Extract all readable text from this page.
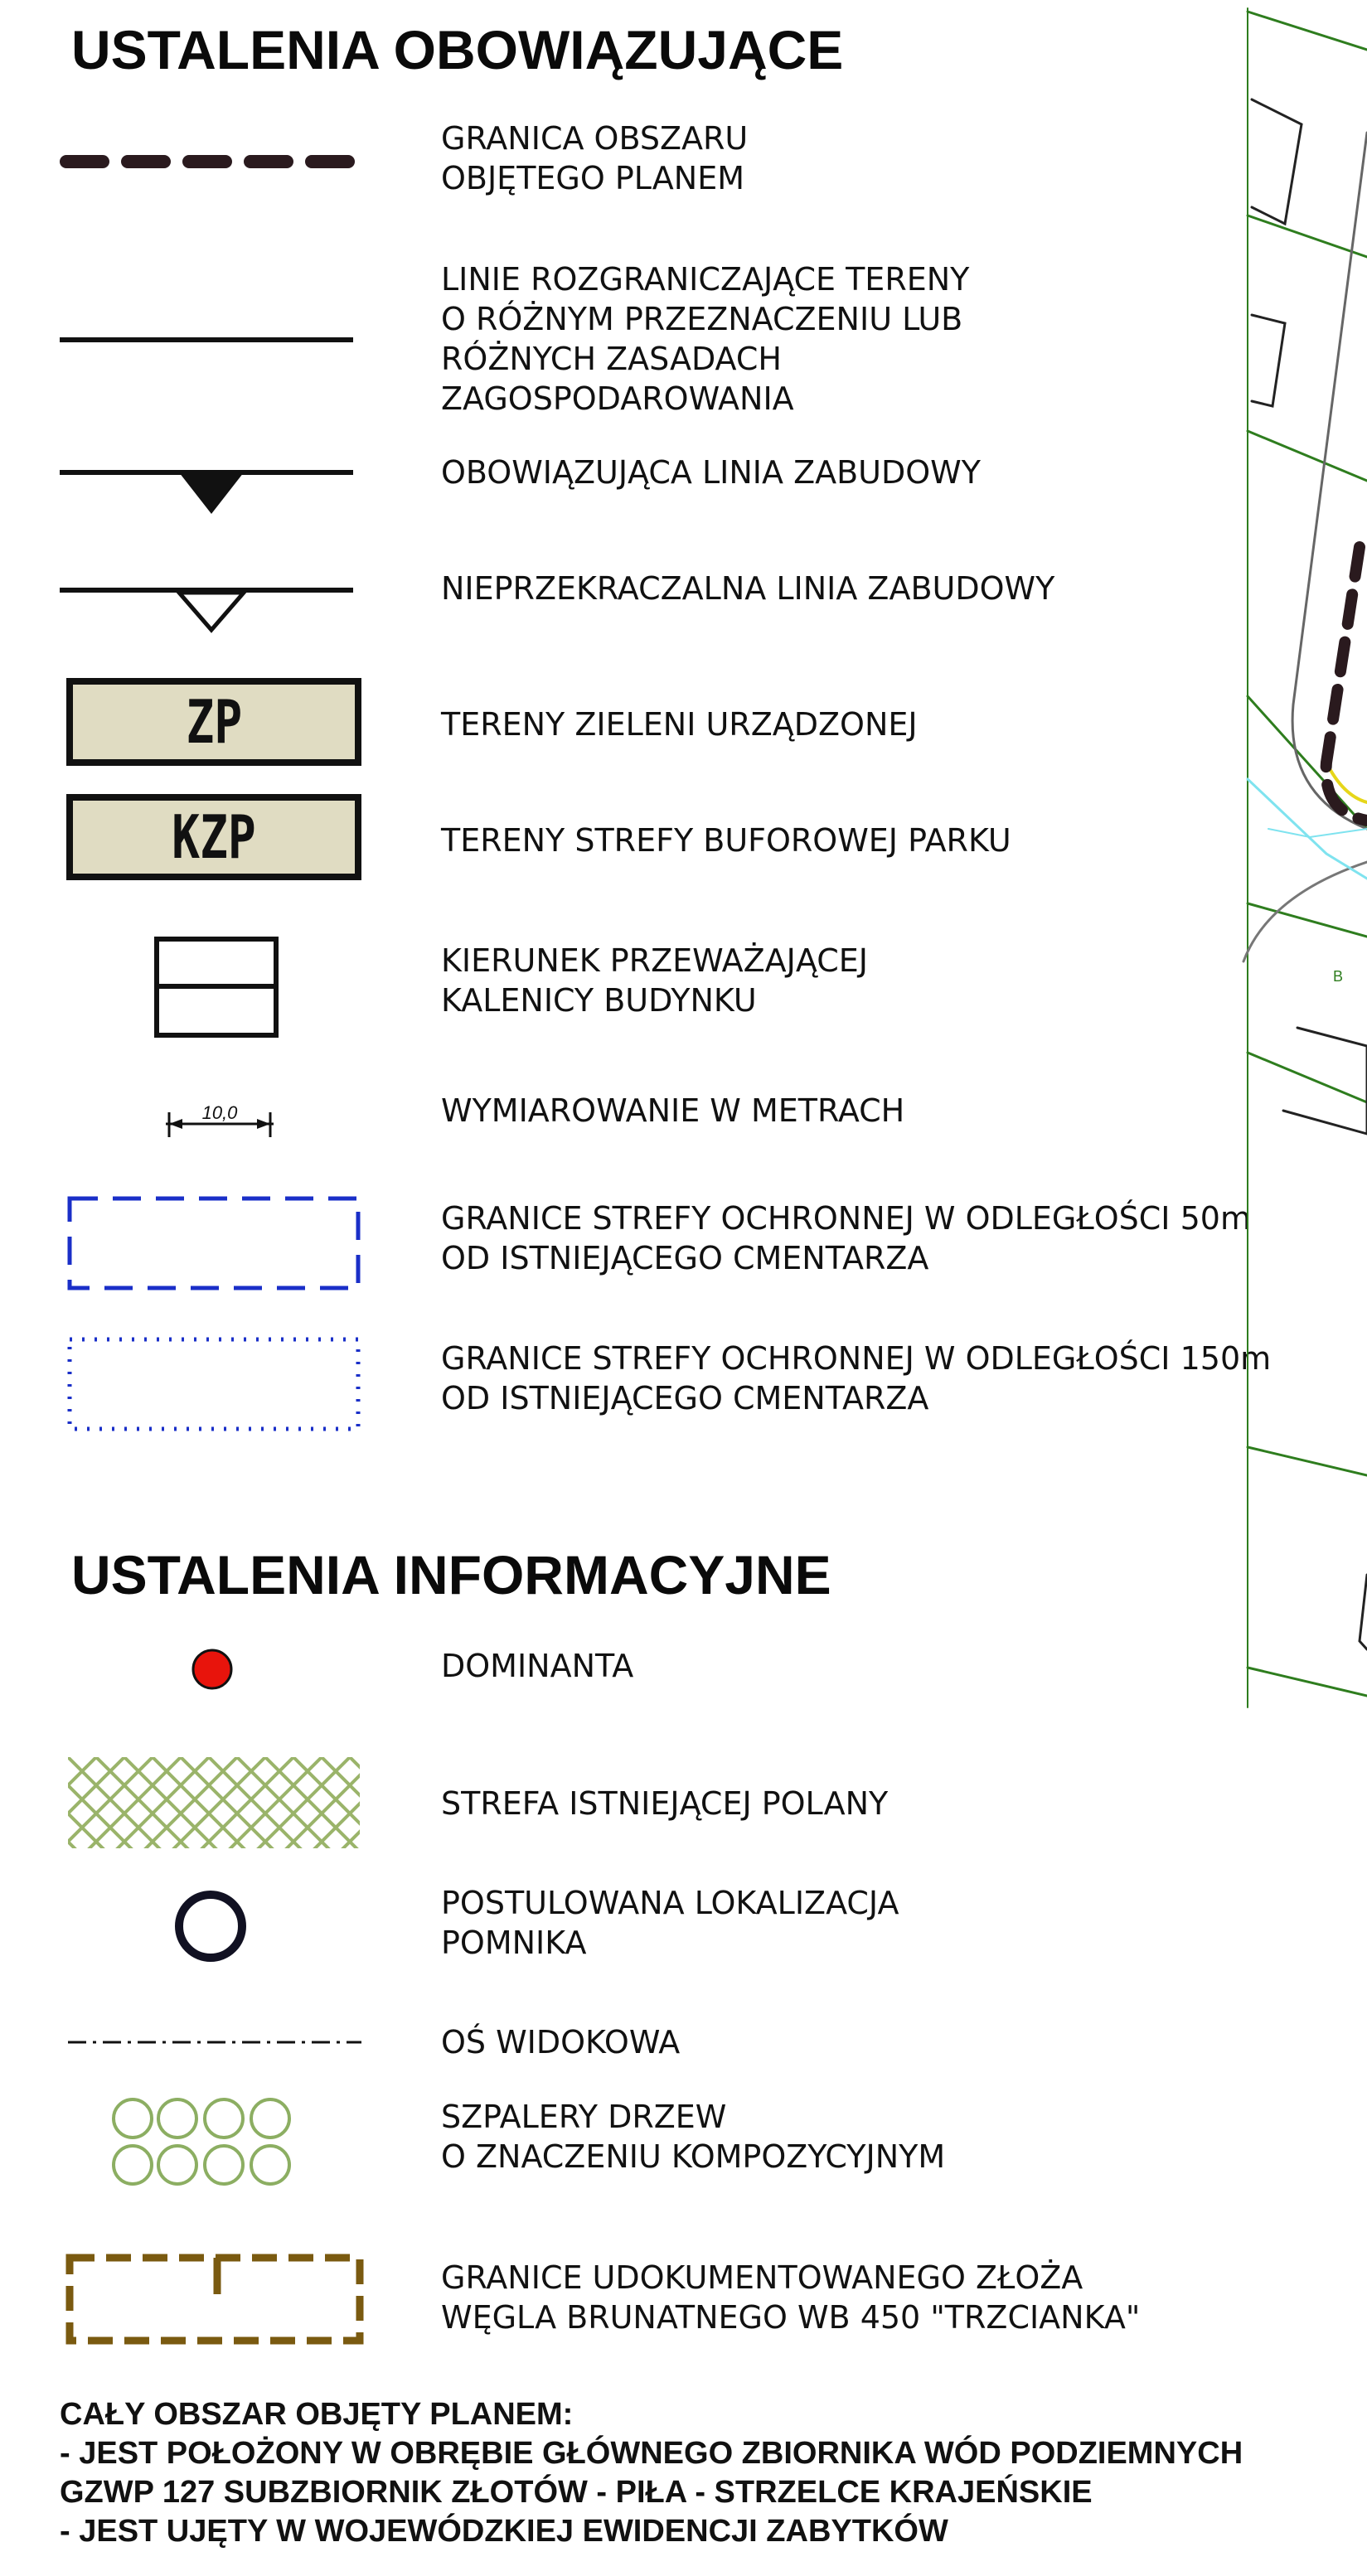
USTALENIA OBOWIĄZUJĄCE
GRANICA OBSZARU
OBJĘTEGO PLANEM
LINIE ROZGRANICZAJĄCE TERENY
O RÓŻNYM PRZEZNACZENIU LUB
RÓŻNYCH ZASADACH
ZAGOSPODAROWANIA
OBOWIĄZUJĄCA LINIA ZABUDOWY
NIEPRZEKRACZALNA LINIA ZABUDOWY
ZP	TERENY ZIELENI URZĄDZONEJ
KZP	TERENY STREFY BUFOROWEJ PARKU
KIERUNEK PRZEWAŻAJĄCEJ
KALENICY BUDYNKU
10,0	WYMIAROWANIE W METRACH
GRANICE STREFY OCHRONNEJ W ODLEGŁOŚCI 50m
OD ISTNIEJĄCEGO CMENTARZA
GRANICE STREFY OCHRONNEJ W ODLEGŁOŚCI 150m
OD ISTNIEJĄCEGO CMENTARZA
USTALENIA INFORMACYJNE
DOMINANTA
STREFA ISTNIEJĄCEJ POLANY
POSTULOWANA LOKALIZACJA
POMNIKA
OŚ WIDOKOWA
SZPALERY DRZEW
O ZNACZENIU KOMPOZYCYJNYM
GRANICE UDOKUMENTOWANEGO ZŁOŻA
WĘGLA BRUNATNEGO WB 450 "TRZCIANKA"
CAŁY OBSZAR OBJĘTY PLANEM:
- JEST POŁOŻONY W OBRĘBIE GŁÓWNEGO ZBIORNIKA WÓD PODZIEMNYCH
GZWP 127 SUBZBIORNIK ZŁOTÓW - PIŁA - STRZELCE KRAJEŃSKIE
- JEST UJĘTY W WOJEWÓDZKIEJ EWIDENCJI ZABYTKÓW
B
